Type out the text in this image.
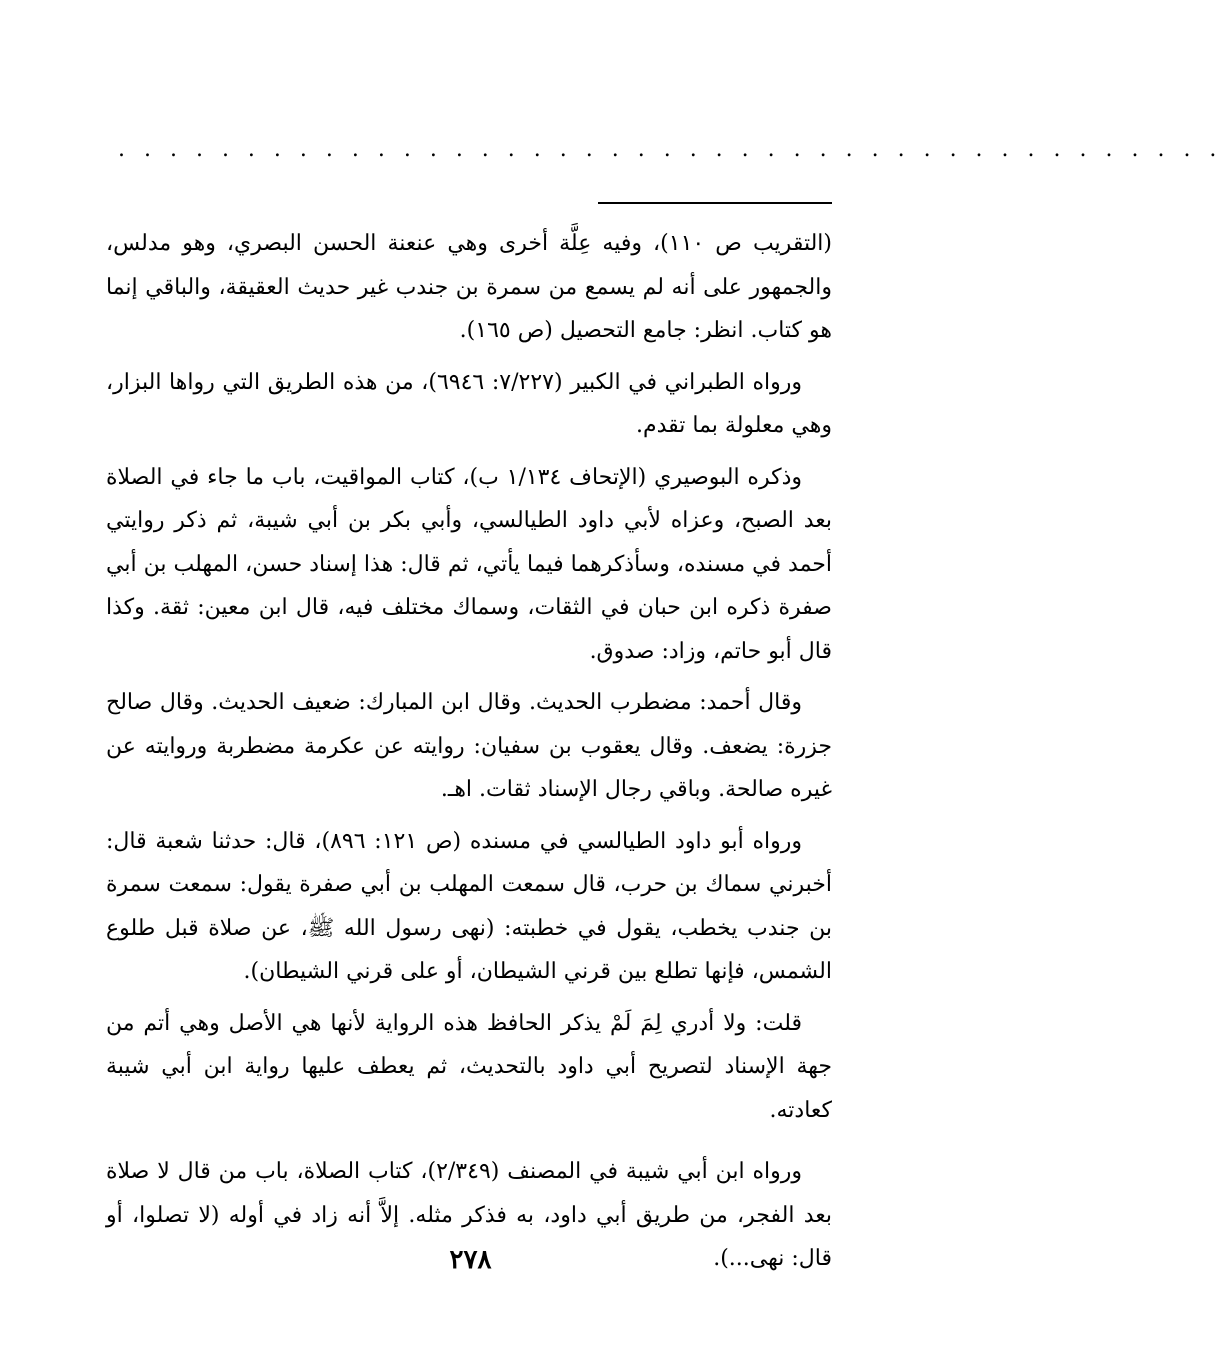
. . . . . . . . . . . . . . . . . . . . . . . . . . . . . . . . . . . . . . . . . . .

(التقريب ص ١١٠)، وفيه عِلَّة أخرى وهي عنعنة الحسن البصري، وهو مدلس، والجمهور على أنه لم يسمع من سمرة بن جندب غير حديث العقيقة، والباقي إنما هو كتاب. انظر: جامع التحصيل (ص ١٦٥).

ورواه الطبراني في الكبير (٧/٢٢٧: ٦٩٤٦)، من هذه الطريق التي رواها البزار، وهي معلولة بما تقدم.

وذكره البوصيري (الإتحاف ١/١٣٤ ب)، كتاب المواقيت، باب ما جاء في الصلاة بعد الصبح، وعزاه لأبي داود الطيالسي، وأبي بكر بن أبي شيبة، ثم ذكر روايتي أحمد في مسنده، وسأذكرهما فيما يأتي، ثم قال: هذا إسناد حسن، المهلب بن أبي صفرة ذكره ابن حبان في الثقات، وسماك مختلف فيه، قال ابن معين: ثقة. وكذا قال أبو حاتم، وزاد: صدوق.

وقال أحمد: مضطرب الحديث. وقال ابن المبارك: ضعيف الحديث. وقال صالح جزرة: يضعف. وقال يعقوب بن سفيان: روايته عن عكرمة مضطربة وروايته عن غيره صالحة. وباقي رجال الإسناد ثقات. اهـ.

ورواه أبو داود الطيالسي في مسنده (ص ١٢١: ٨٩٦)، قال: حدثنا شعبة قال: أخبرني سماك بن حرب، قال سمعت المهلب بن أبي صفرة يقول: سمعت سمرة بن جندب يخطب، يقول في خطبته: (نهى رسول الله ﷺ، عن صلاة قبل طلوع الشمس، فإنها تطلع بين قرني الشيطان، أو على قرني الشيطان).

قلت: ولا أدري لِمَ لَمْ يذكر الحافظ هذه الرواية لأنها هي الأصل وهي أتم من جهة الإسناد لتصريح أبي داود بالتحديث، ثم يعطف عليها رواية ابن أبي شيبة كعادته.

ورواه ابن أبي شيبة في المصنف (٢/٣٤٩)، كتاب الصلاة، باب من قال لا صلاة بعد الفجر، من طريق أبي داود، به فذكر مثله. إلاَّ أنه زاد في أوله (لا تصلوا، أو قال: نهى...).

٢٧٨
